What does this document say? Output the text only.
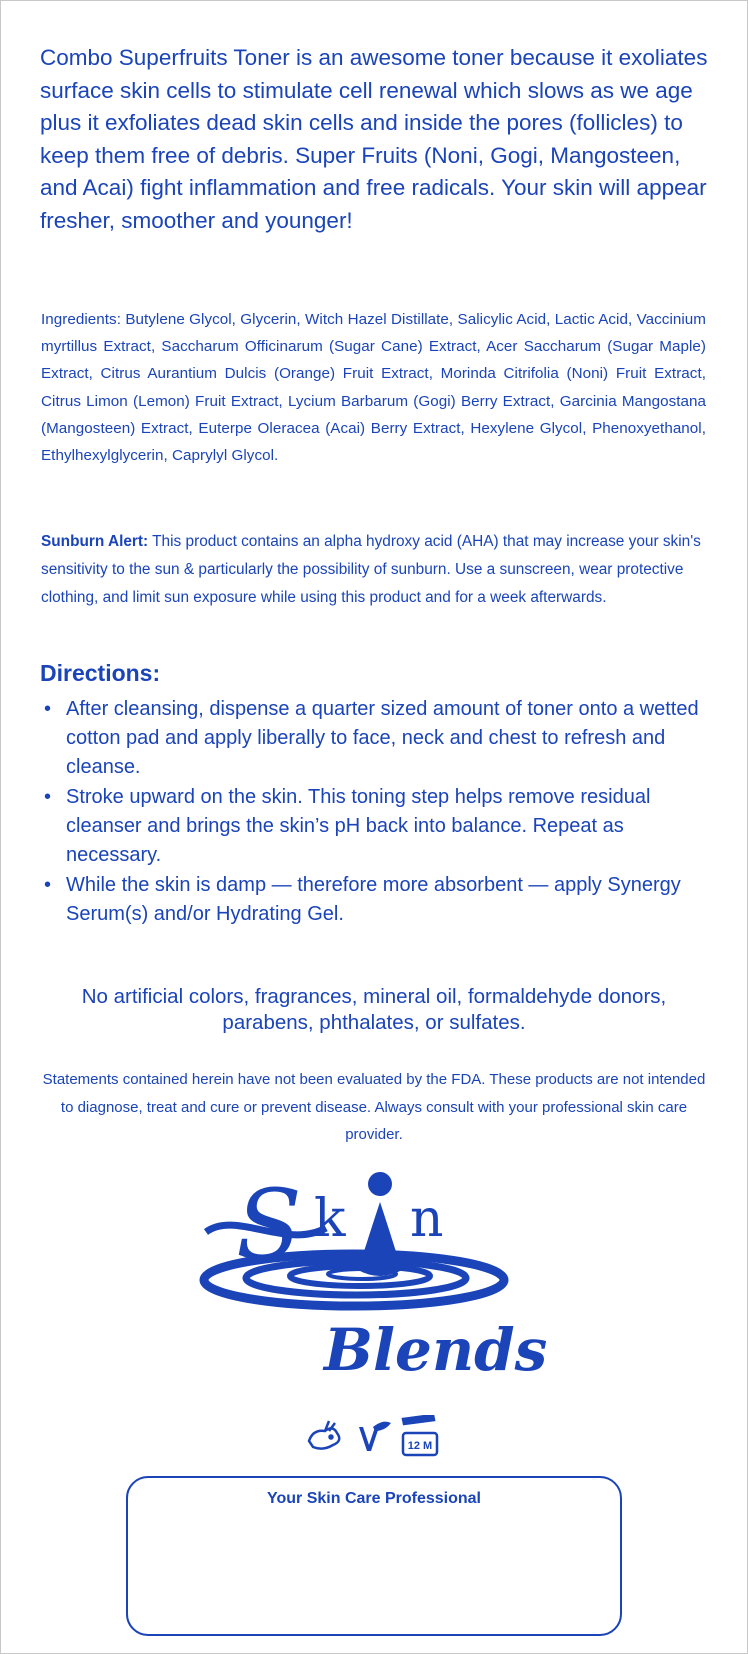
Combo Superfruits Toner is an awesome toner because it exoliates surface skin cells to stimulate cell renewal which slows as we age plus it exfoliates dead skin cells and inside the pores (follicles) to keep them free of debris. Super Fruits (Noni, Gogi, Mangosteen, and Acai) fight inflammation and free radicals. Your skin will appear fresher, smoother and younger!

Ingredients: Butylene Glycol, Glycerin, Witch Hazel Distillate, Salicylic Acid, Lactic Acid, Vaccinium myrtillus Extract, Saccharum Officinarum (Sugar Cane) Extract, Acer Saccharum (Sugar Maple) Extract, Citrus Aurantium Dulcis (Orange) Fruit Extract, Morinda Citrifolia (Noni) Fruit Extract, Citrus Limon (Lemon) Fruit Extract, Lycium Barbarum (Gogi) Berry Extract, Garcinia Mangostana (Mangosteen) Extract, Euterpe Oleracea (Acai) Berry Extract, Hexylene Glycol, Phenoxyethanol, Ethylhexylglycerin, Caprylyl Glycol.

Sunburn Alert: This product contains an alpha hydroxy acid (AHA) that may increase your skin's sensitivity to the sun & particularly the possibility of sunburn. Use a sunscreen, wear protective clothing, and limit sun exposure while using this product and for a week afterwards.

Directions:
• After cleansing, dispense a quarter sized amount of toner onto a wetted cotton pad and apply liberally to face, neck and chest to refresh and cleanse.
• Stroke upward on the skin. This toning step helps remove residual cleanser and brings the skin’s pH back into balance. Repeat as necessary.
• While the skin is damp — therefore more absorbent — apply Synergy Serum(s) and/or Hydrating Gel.

No artificial colors, fragrances, mineral oil, formaldehyde donors, parabens, phthalates, or sulfates.

Statements contained herein have not been evaluated by the FDA. These products are not intended to diagnose, treat and cure or prevent disease. Always consult with your professional skin care provider.

S k n
Blends
12 M

Your Skin Care Professional
